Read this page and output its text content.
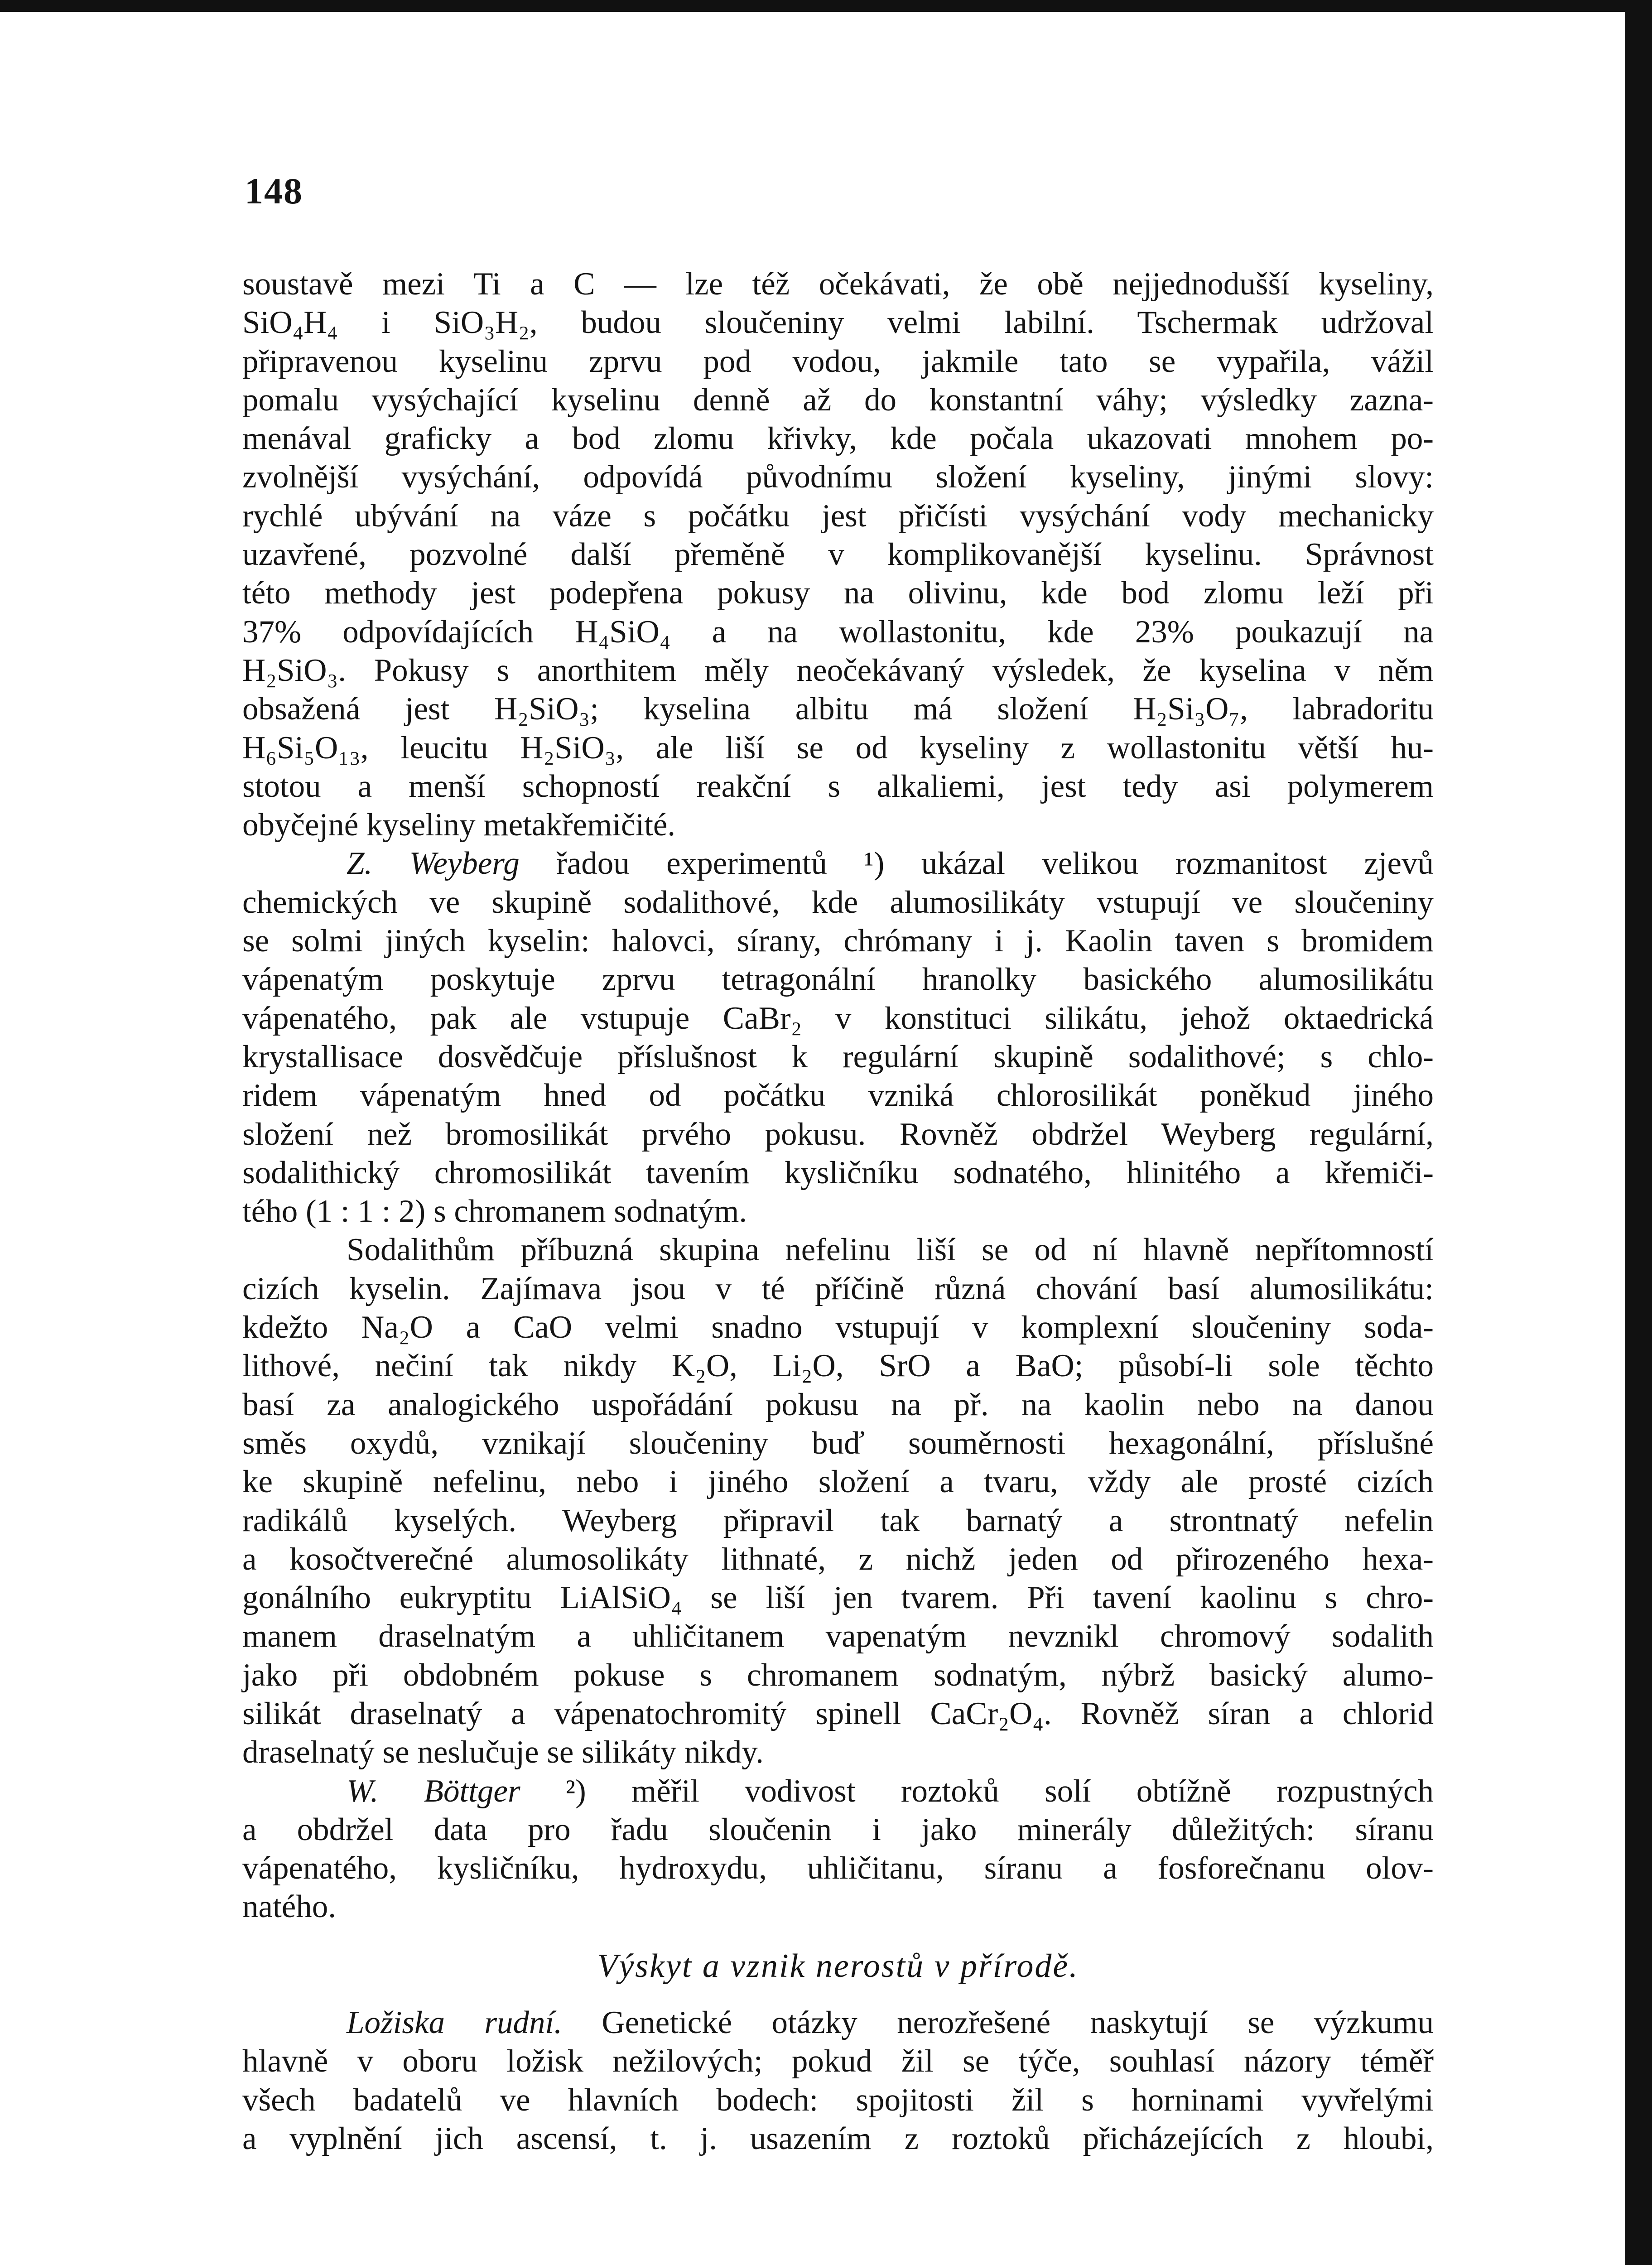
148
soustavě mezi Ti a C — lze též očekávati, že obě nejjednodušší kyseliny,
SiO₄H₄ i SiO₃H₂, budou sloučeniny velmi labilní. Tschermak udržoval
připravenou kyselinu zprvu pod vodou, jakmile tato se vypařila, vážil
pomalu vysýchající kyselinu denně až do konstantní váhy; výsledky zazna-
menával graficky a bod zlomu křivky, kde počala ukazovati mnohem po-
zvolnější vysýchání, odpovídá původnímu složení kyseliny, jinými slovy:
rychlé ubývání na váze s počátku jest přičísti vysýchání vody mechanicky
uzavřené, pozvolné další přeměně v komplikovanější kyselinu. Správnost
této methody jest podepřena pokusy na olivinu, kde bod zlomu leží při
37% odpovídajících H₄SiO₄ a na wollastonitu, kde 23% poukazují na
H₂SiO₃. Pokusy s anorthitem měly neočekávaný výsledek, že kyselina v něm
obsažená jest H₂SiO₃; kyselina albitu má složení H₂Si₃O₇, labradoritu
H₆Si₅O₁₃, leucitu H₂SiO₃, ale liší se od kyseliny z wollastonitu větší hu-
stotou a menší schopností reakční s alkaliemi, jest tedy asi polymerem
obyčejné kyseliny metakřemičité.
Z. Weyberg řadou experimentů ¹) ukázal velikou rozmanitost zjevů
chemických ve skupině sodalithové, kde alumosilikáty vstupují ve sloučeniny
se solmi jiných kyselin: halovci, sírany, chrómany i j. Kaolin taven s bromidem
vápenatým poskytuje zprvu tetragonální hranolky basického alumosilikátu
vápenatého, pak ale vstupuje CaBr₂ v konstituci silikátu, jehož oktaedrická
krystallisace dosvědčuje příslušnost k regulární skupině sodalithové; s chlo-
ridem vápenatým hned od počátku vzniká chlorosilikát poněkud jiného
složení než bromosilikát prvého pokusu. Rovněž obdržel Weyberg regulární,
sodalithický chromosilikát tavením kysličníku sodnatého, hlinitého a křemiči-
tého (1 : 1 : 2) s chromanem sodnatým.
Sodalithům příbuzná skupina nefelinu liší se od ní hlavně nepřítomností
cizích kyselin. Zajímava jsou v té příčině různá chování basí alumosilikátu:
kdežto Na₂O a CaO velmi snadno vstupují v komplexní sloučeniny soda-
lithové, nečiní tak nikdy K₂O, Li₂O, SrO a BaO; působí-li sole těchto
basí za analogického uspořádání pokusu na př. na kaolin nebo na danou
směs oxydů, vznikají sloučeniny buď souměrnosti hexagonální, příslušné
ke skupině nefelinu, nebo i jiného složení a tvaru, vždy ale prosté cizích
radikálů kyselých. Weyberg připravil tak barnatý a strontnatý nefelin
a kosočtverečné alumosolikáty lithnaté, z nichž jeden od přirozeného hexa-
gonálního eukryptitu LiAlSiO₄ se liší jen tvarem. Při tavení kaolinu s chro-
manem draselnatým a uhličitanem vapenatým nevznikl chromový sodalith
jako při obdobném pokuse s chromanem sodnatým, nýbrž basický alumo-
silikát draselnatý a vápenatochromitý spinell CaCr₂O₄. Rovněž síran a chlorid
draselnatý se neslučuje se silikáty nikdy.
W. Böttger ²) měřil vodivost roztoků solí obtížně rozpustných
a obdržel data pro řadu sloučenin i jako minerály důležitých: síranu
vápenatého, kysličníku, hydroxydu, uhličitanu, síranu a fosforečnanu olov-
natého.
Výskyt a vznik nerostů v přírodě.
Ložiska rudní. Genetické otázky nerozřešené naskytují se výzkumu
hlavně v oboru ložisk nežilových; pokud žil se týče, souhlasí názory téměř
všech badatelů ve hlavních bodech: spojitosti žil s horninami vyvřelými
a vyplnění jich ascensí, t. j. usazením z roztoků přicházejících z hloubi,
